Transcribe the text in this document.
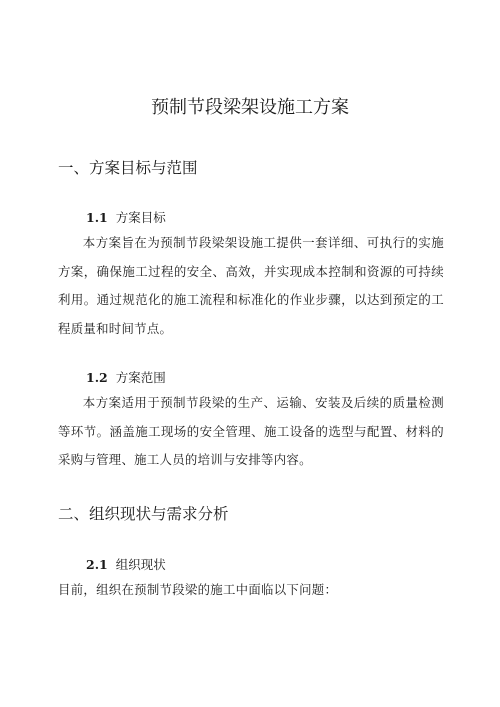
预制节段梁架设施工方案
一、方案目标与范围
1.1 方案目标

本方案旨在为预制节段梁架设施工提供一套详细、可执行的实施方案，确保施工过程的安全、高效，并实现成本控制和资源的可持续利用。通过规范化的施工流程和标准化的作业步骤，以达到预定的工程质量和时间节点。

1.2 方案范围

本方案适用于预制节段梁的生产、运输、安装及后续的质量检测等环节。涵盖施工现场的安全管理、施工设备的选型与配置、材料的采购与管理、施工人员的培训与安排等内容。

二、组织现状与需求分析
2.1 组织现状

目前，组织在预制节段梁的施工中面临以下问题：
